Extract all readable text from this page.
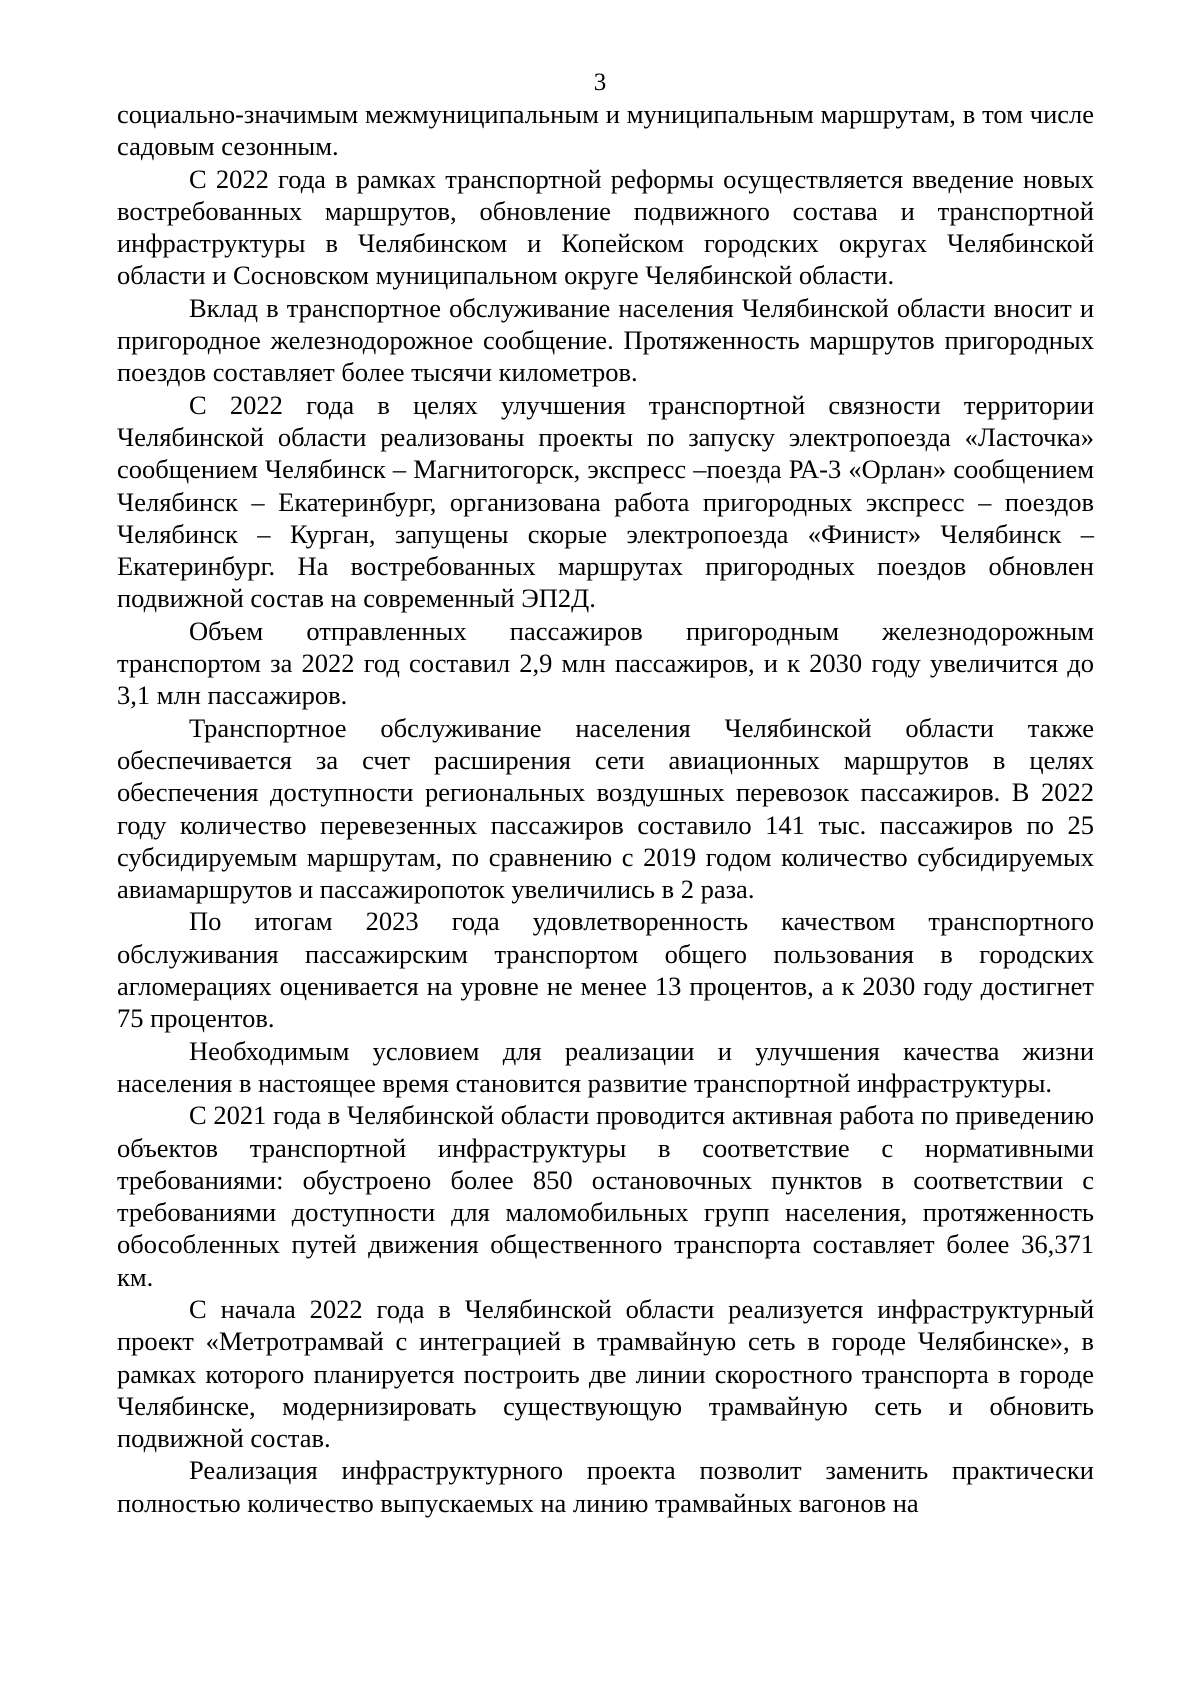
3

социально-значимым межмуниципальным и муниципальным маршрутам, в том числе садовым сезонным.

С 2022 года в рамках транспортной реформы осуществляется введение новых востребованных маршрутов, обновление подвижного состава и транспортной инфраструктуры в Челябинском и Копейском городских округах Челябинской области и Сосновском муниципальном округе Челябинской области.

Вклад в транспортное обслуживание населения Челябинской области вносит и пригородное железнодорожное сообщение. Протяженность маршрутов пригородных поездов составляет более тысячи километров.

С 2022 года в целях улучшения транспортной связности территории Челябинской области реализованы проекты по запуску электропоезда «Ласточка» сообщением Челябинск – Магнитогорск, экспресс –поезда РА-3 «Орлан» сообщением Челябинск – Екатеринбург, организована работа пригородных экспресс – поездов Челябинск – Курган, запущены скорые электропоезда «Финист» Челябинск – Екатеринбург. На востребованных маршрутах пригородных поездов обновлен подвижной состав на современный ЭП2Д.

Объем отправленных пассажиров пригородным железнодорожным транспортом за 2022 год составил 2,9 млн пассажиров, и к 2030 году увеличится до 3,1 млн пассажиров.

Транспортное обслуживание населения Челябинской области также обеспечивается за счет расширения сети авиационных маршрутов в целях обеспечения доступности региональных воздушных перевозок пассажиров. В 2022 году количество перевезенных пассажиров составило 141 тыс. пассажиров по 25 субсидируемым маршрутам, по сравнению с 2019 годом количество субсидируемых авиамаршрутов и пассажиропоток увеличились в 2 раза.

По итогам 2023 года удовлетворенность качеством транспортного обслуживания пассажирским транспортом общего пользования в городских агломерациях оценивается на уровне не менее 13 процентов, а к 2030 году достигнет 75 процентов.

Необходимым условием для реализации и улучшения качества жизни населения в настоящее время становится развитие транспортной инфраструктуры.

С 2021 года в Челябинской области проводится активная работа по приведению объектов транспортной инфраструктуры в соответствие с нормативными требованиями: обустроено более 850 остановочных пунктов в соответствии с требованиями доступности для маломобильных групп населения, протяженность обособленных путей движения общественного транспорта составляет более 36,371 км.

С начала 2022 года в Челябинской области реализуется инфраструктурный проект «Метротрамвай с интеграцией в трамвайную сеть в городе Челябинске», в рамках которого планируется построить две линии скоростного транспорта в городе Челябинске, модернизировать существующую трамвайную сеть и обновить подвижной состав.

Реализация инфраструктурного проекта позволит заменить практически полностью количество выпускаемых на линию трамвайных вагонов на
